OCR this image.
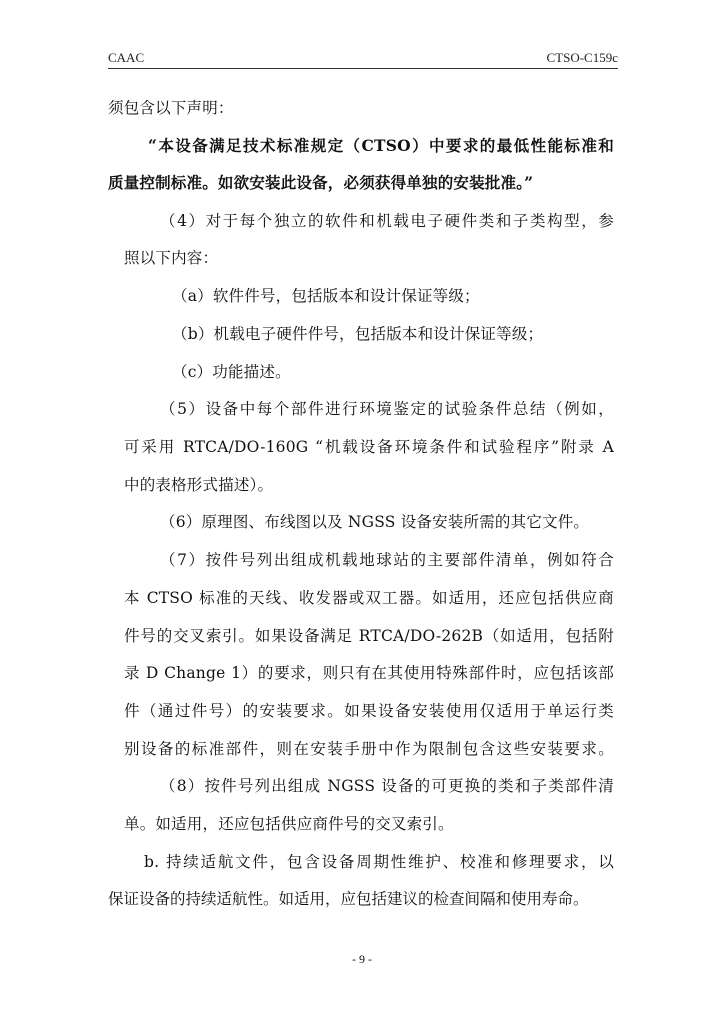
CAAC	CTSO-C159c
须包含以下声明：
“本设备满足技术标准规定（CTSO）中要求的最低性能标准和
质量控制标准。如欲安装此设备，必须获得单独的安装批准。”
（4）对于每个独立的软件和机载电子硬件类和子类构型，参
照以下内容：
（a）软件件号，包括版本和设计保证等级；
（b）机载电子硬件件号，包括版本和设计保证等级；
（c）功能描述。
（5）设备中每个部件进行环境鉴定的试验条件总结（例如，
可采用 RTCA/DO-160G “机载设备环境条件和试验程序”附录 A
中的表格形式描述）。
（6）原理图、布线图以及 NGSS 设备安装所需的其它文件。
（7）按件号列出组成机载地球站的主要部件清单，例如符合
本 CTSO 标准的天线、收发器或双工器。如适用，还应包括供应商
件号的交叉索引。如果设备满足 RTCA/DO-262B（如适用，包括附
录 D Change 1）的要求，则只有在其使用特殊部件时，应包括该部
件（通过件号）的安装要求。如果设备安装使用仅适用于单运行类
别设备的标准部件，则在安装手册中作为限制包含这些安装要求。
（8）按件号列出组成 NGSS 设备的可更换的类和子类部件清
单。如适用，还应包括供应商件号的交叉索引。
b. 持续适航文件，包含设备周期性维护、校准和修理要求，以
保证设备的持续适航性。如适用，应包括建议的检查间隔和使用寿命。
- 9 -
